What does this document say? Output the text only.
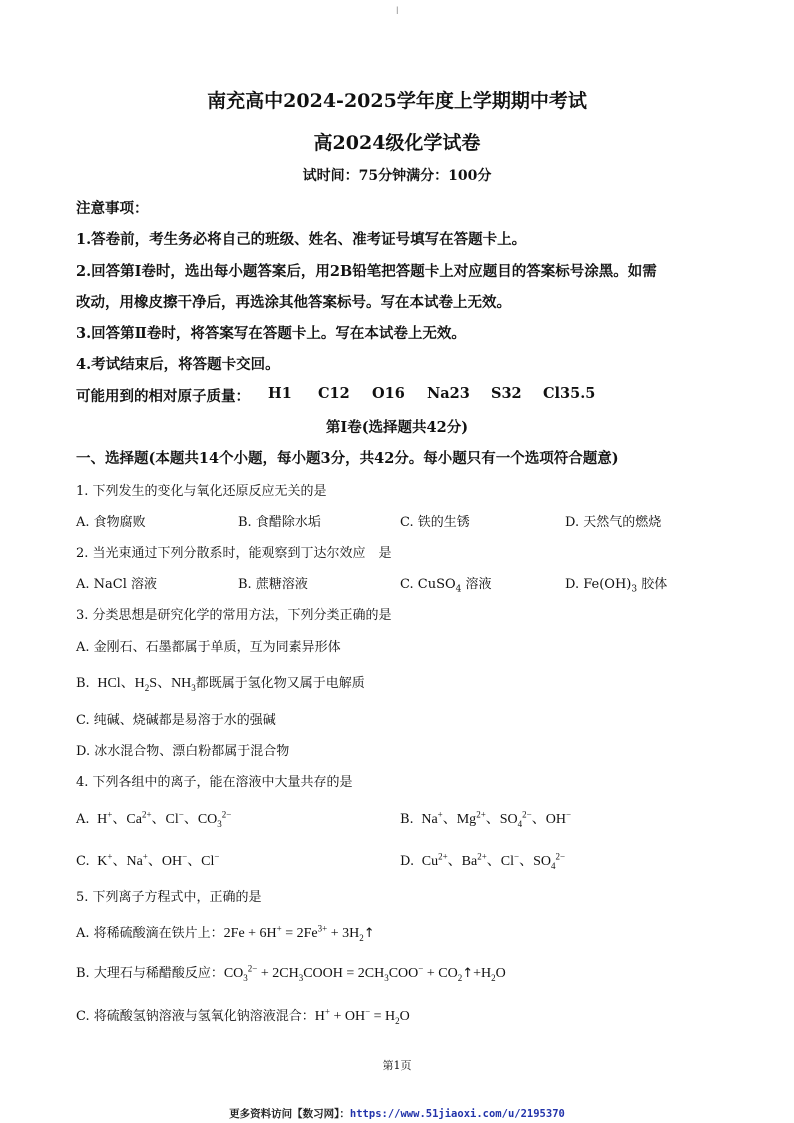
|
南充高中2024-2025学年度上学期期中考试
高2024级化学试卷
试时间：75分钟满分：100分
注意事项：
1.答卷前，考生务必将自己的班级、姓名、准考证号填写在答题卡上。
2.回答第Ⅰ卷时，选出每小题答案后，用2B铅笔把答题卡上对应题目的答案标号涂黑。如需
改动，用橡皮擦干净后，再选涂其他答案标号。写在本试卷上无效。
3.回答第Ⅱ卷时，将答案写在答题卡上。写在本试卷上无效。
4.考试结束后，将答题卡交回。
可能用到的相对原子质量： H1 C12 O16 Na23 S32 Cl35.5
第Ⅰ卷(选择题共42分)
一、选择题(本题共14个小题，每小题3分，共42分。每小题只有一个选项符合题意)
1. 下列发生的变化与氧化还原反应无关的是
A. 食物腐败	B. 食醋除水垢	C. 铁的生锈	D. 天然气的燃烧
2. 当光束通过下列分散系时，能观察到丁达尔效应　是
A. NaCl 溶液	B. 蔗糖溶液	C. CuSO$_4$ 溶液	D. $Fe(OH)_3$ 胶体
3. 分类思想是研究化学的常用方法，下列分类正确的是
A. 金刚石、石墨都属于单质，互为同素异形体
B.  HCl、$H_2S$、$NH_3$都既属于氢化物又属于电解质
C. 纯碱、烧碱都是易溶于水的强碱
D. 冰水混合物、漂白粉都属于混合物
4. 下列各组中的离子，能在溶液中大量共存的是
A.  H+、$Ca^{2+}$、Cl−、$CO_3^{2-}$	B.  Na+、$Mg^{2+}$、$SO_4^{2-}$、OH−
C.  K+、Na+、OH−、Cl−	D.  $Cu^{2+}$、$Ba^{2+}$、Cl−、$SO_4^{2-}$
5. 下列离子方程式中，正确的是
A. 将稀硫酸滴在铁片上：$2Fe + 6H^+ = 2Fe^{3+}$ + $3H_2↑$
B. 大理石与稀醋酸反应：$CO_3^{2-}$ + $2CH_3COOH = 2CH_3COO^-$ + $CO_2↑+H_2O$
C. 将硫酸氢钠溶液与氢氧化钠溶液混合：$H^+ + OH^- = H_2O$
第1页
更多资料访问【数习网】：https://www.51jiaoxi.com/u/2195370
